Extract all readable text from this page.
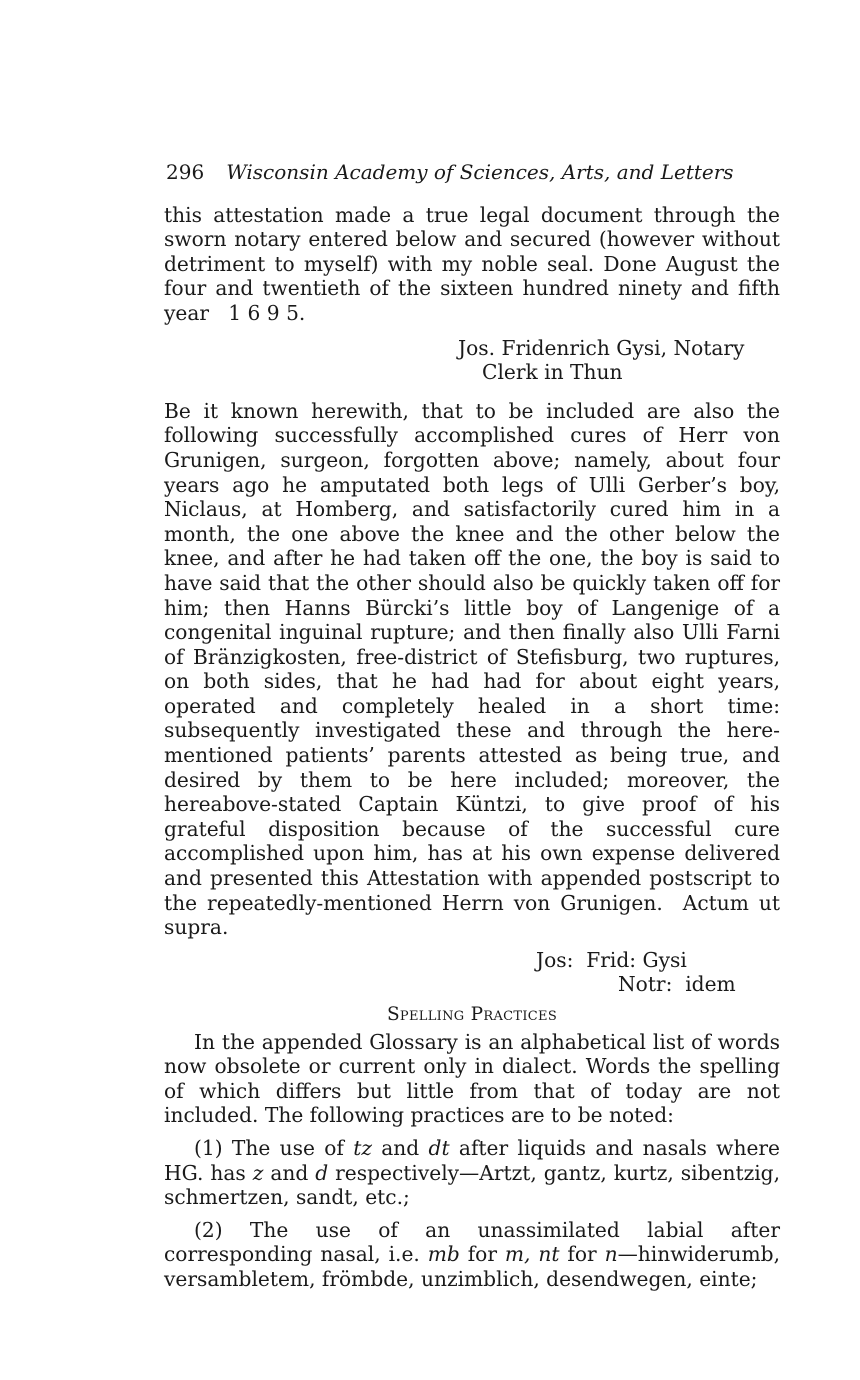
296 Wisconsin Academy of Sciences, Arts, and Letters

this attestation made a true legal document through the sworn notary entered below and secured (however without detriment to myself) with my noble seal. Done August the four and twentieth of the sixteen hundred ninety and fifth year   1 6 9 5.

Jos. Fridenrich Gysi, Notary
Clerk in Thun

Be it known herewith, that to be included are also the following successfully accomplished cures of Herr von Grunigen, surgeon, forgotten above; namely, about four years ago he amputated both legs of Ulli Gerber’s boy, Niclaus, at Homberg, and satisfactorily cured him in a month, the one above the knee and the other below the knee, and after he had taken off the one, the boy is said to have said that the other should also be quickly taken off for him; then Hanns Bürcki’s little boy of Langenige of a congenital inguinal rupture; and then finally also Ulli Farni of Bränzigkosten, free-district of Stefisburg, two ruptures, on both sides, that he had had for about eight years, operated and completely healed in a short time: subsequently investigated these and through the here-mentioned patients’ parents attested as being true, and desired by them to be here included; moreover, the hereabove-stated Captain Küntzi, to give proof of his grateful disposition because of the successful cure accomplished upon him, has at his own expense delivered and presented this Attestation with appended postscript to the repeatedly-mentioned Herrn von Grunigen.  Actum ut supra.

Jos:  Frid: Gysi
Notr:  idem
Spelling Practices

In the appended Glossary is an alphabetical list of words now obsolete or current only in dialect. Words the spelling of which differs but little from that of today are not included. The following practices are to be noted:

(1) The use of tz and dt after liquids and nasals where HG. has z and d respectively—Artzt, gantz, kurtz, sibentzig, schmertzen, sandt, etc.;

(2) The use of an unassimilated labial after corresponding nasal, i.e. mb for m, nt for n—hinwiderumb, versambletem, frömbde, unzimblich, desendwegen, einte;
